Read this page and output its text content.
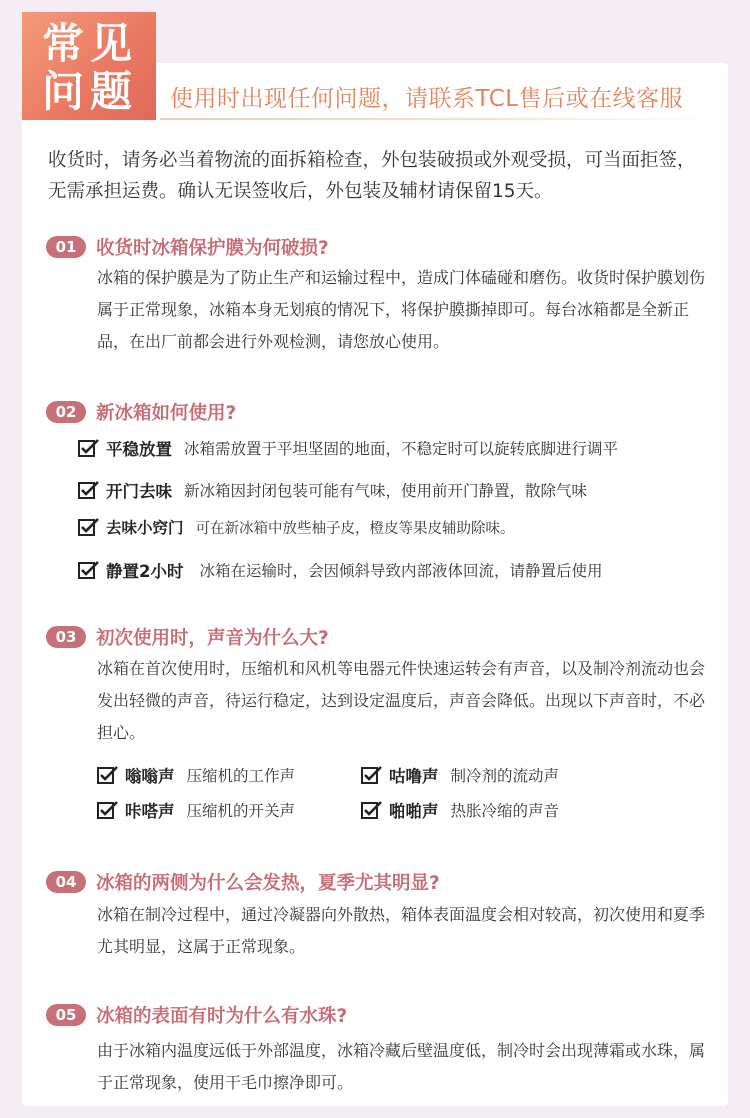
常见
问题	使用时出现任何问题，请联系TCL售后或在线客服
收货时，请务必当着物流的面拆箱检查，外包装破损或外观受损，可当面拒签，无需承担运费。确认无误签收后，外包装及辅材请保留15天。
01	收货时冰箱保护膜为何破损?
冰箱的保护膜是为了防止生产和运输过程中，造成门体磕碰和磨伤。收货时保护膜划伤属于正常现象，冰箱本身无划痕的情况下，将保护膜撕掉即可。每台冰箱都是全新正品，在出厂前都会进行外观检测，请您放心使用。
02	新冰箱如何使用?
平稳放置 冰箱需放置于平坦坚固的地面，不稳定时可以旋转底脚进行调平
开门去味 新冰箱因封闭包装可能有气味，使用前开门静置，散除气味
去味小窍门 可在新冰箱中放些柚子皮，橙皮等果皮辅助除味。
静置2小时 冰箱在运输时，会因倾斜导致内部液体回流，请静置后使用
03	初次使用时，声音为什么大?
冰箱在首次使用时，压缩机和风机等电器元件快速运转会有声音，以及制冷剂流动也会发出轻微的声音，待运行稳定，达到设定温度后，声音会降低。出现以下声音时，不必担心。
嗡嗡声 压缩机的工作声	咕噜声 制冷剂的流动声
咔嗒声 压缩机的开关声	啪啪声 热胀冷缩的声音
04	冰箱的两侧为什么会发热，夏季尤其明显?
冰箱在制冷过程中，通过冷凝器向外散热，箱体表面温度会相对较高，初次使用和夏季尤其明显，这属于正常现象。
05	冰箱的表面有时为什么有水珠?
由于冰箱内温度远低于外部温度，冰箱冷藏后壁温度低，制冷时会出现薄霜或水珠，属于正常现象，使用干毛巾擦净即可。
